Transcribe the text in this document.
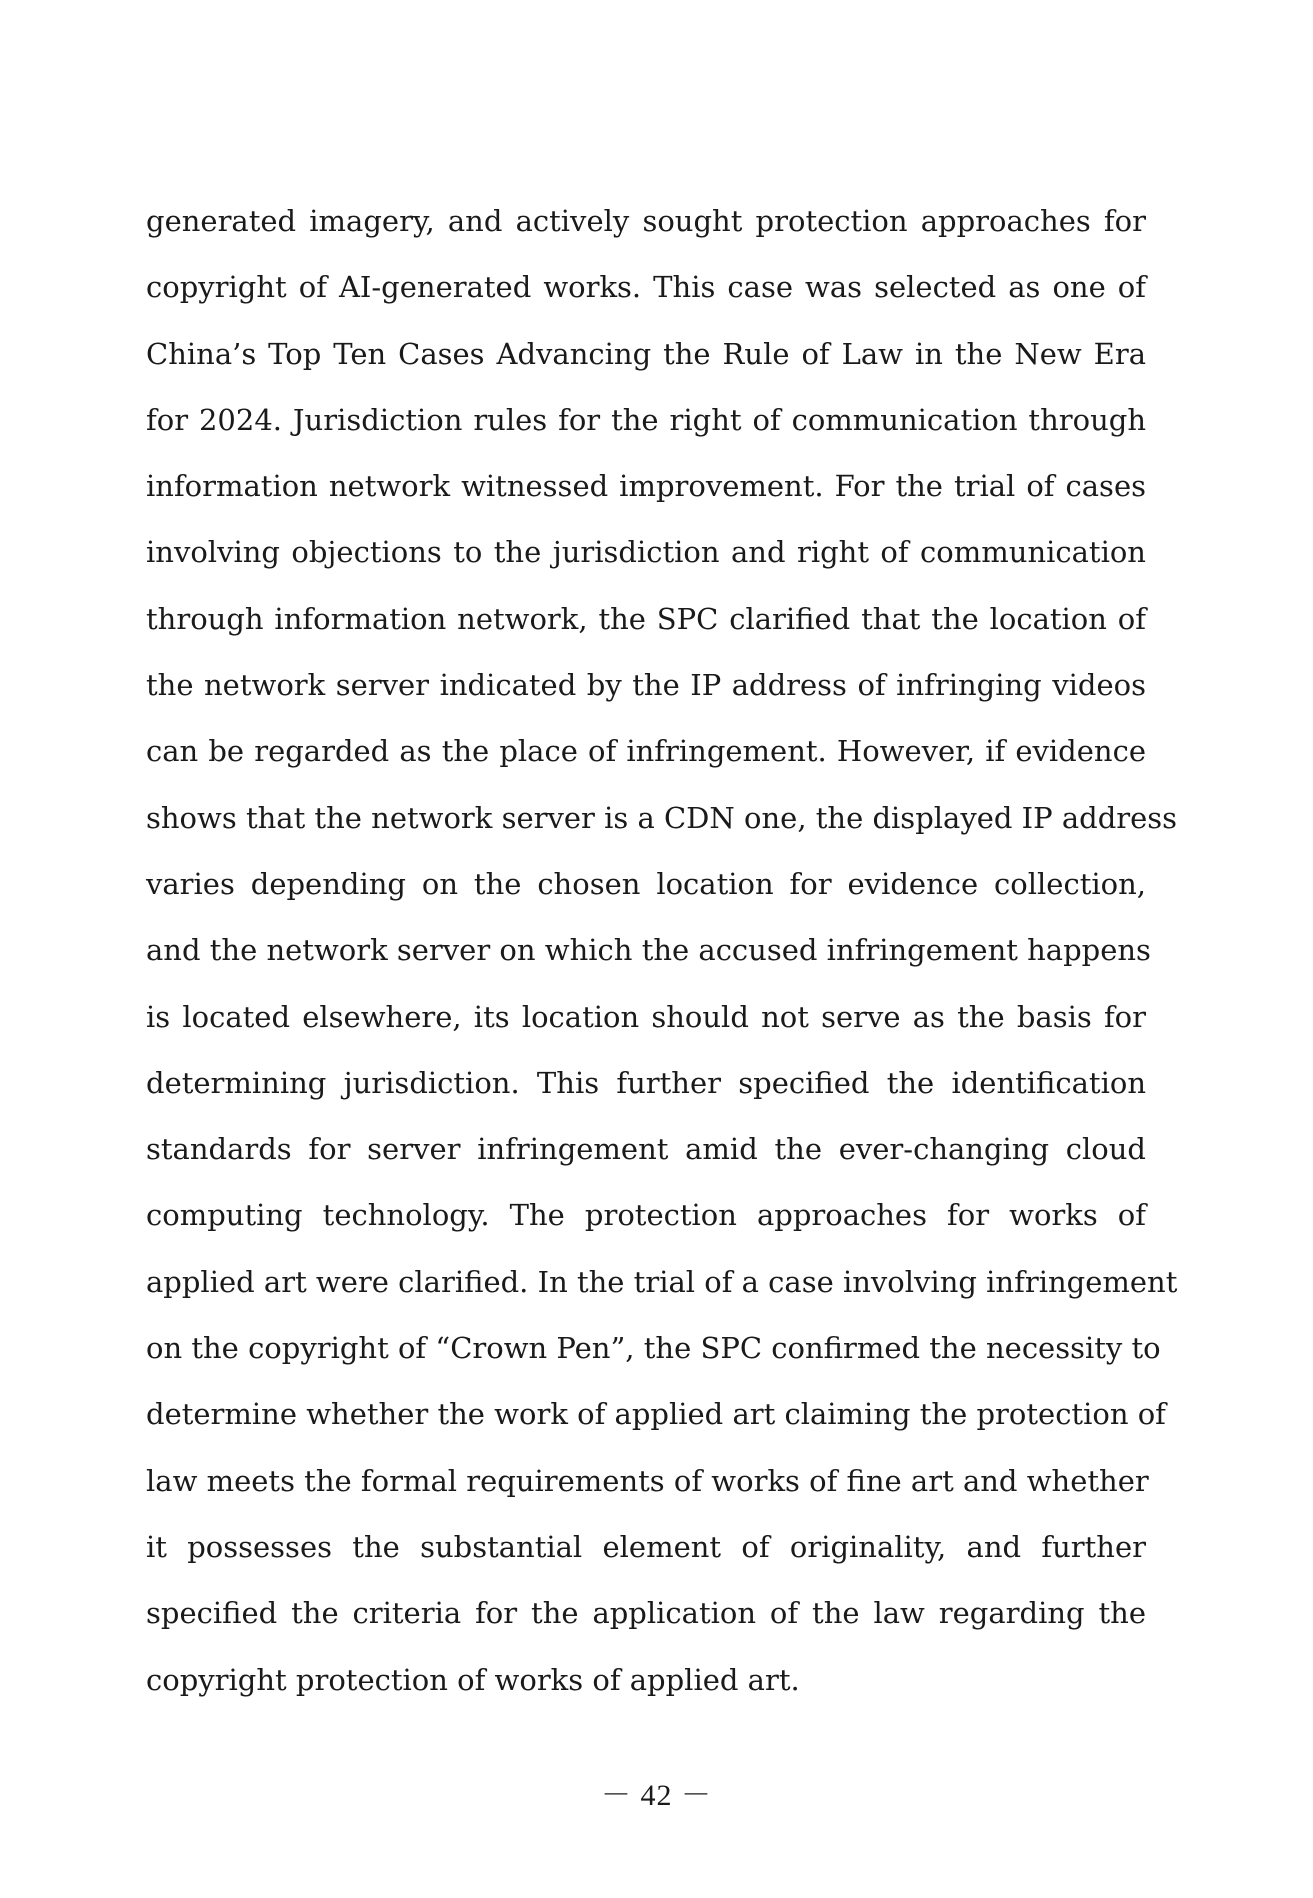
generated imagery, and actively sought protection approaches for
copyright of AI-generated works. This case was selected as one of
China’s Top Ten Cases Advancing the Rule of Law in the New Era
for 2024. Jurisdiction rules for the right of communication through
information network witnessed improvement. For the trial of cases
involving objections to the jurisdiction and right of communication
through information network, the SPC clarified that the location of
the network server indicated by the IP address of infringing videos
can be regarded as the place of infringement. However, if evidence
shows that the network server is a CDN one, the displayed IP address
varies depending on the chosen location for evidence collection,
and the network server on which the accused infringement happens
is located elsewhere, its location should not serve as the basis for
determining jurisdiction. This further specified the identification
standards for server infringement amid the ever-changing cloud
computing technology. The protection approaches for works of
applied art were clarified. In the trial of a case involving infringement
on the copyright of “Crown Pen”, the SPC confirmed the necessity to
determine whether the work of applied art claiming the protection of
law meets the formal requirements of works of fine art and whether
it possesses the substantial element of originality, and further
specified the criteria for the application of the law regarding the
copyright protection of works of applied art.
－ 42 －
